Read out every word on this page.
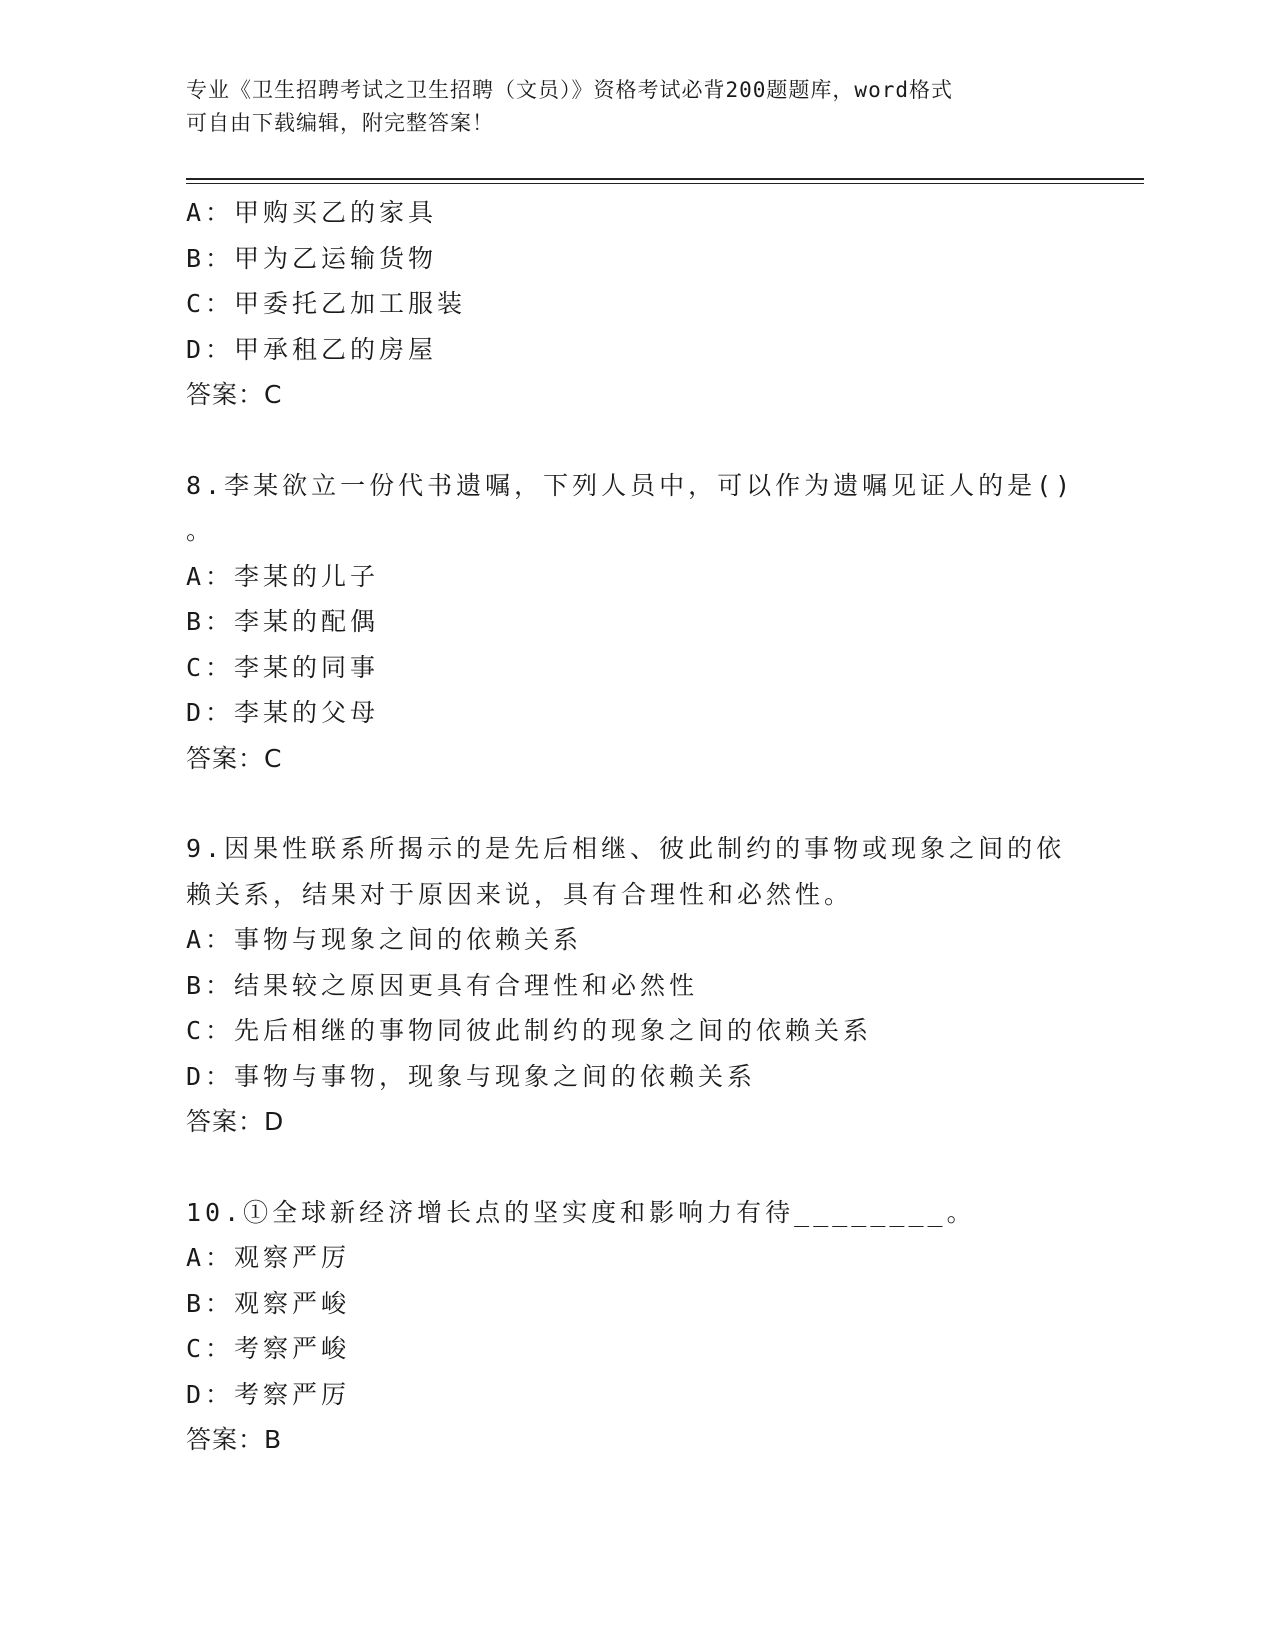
专业《卫生招聘考试之卫生招聘（文员）》资格考试必背200题题库，word格式
可自由下载编辑，附完整答案！
A：甲购买乙的家具
B：甲为乙运输货物
C：甲委托乙加工服装
D：甲承租乙的房屋
答案：C
8.李某欲立一份代书遗嘱，下列人员中，可以作为遗嘱见证人的是()
。
A：李某的儿子
B：李某的配偶
C：李某的同事
D：李某的父母
答案：C
9.因果性联系所揭示的是先后相继、彼此制约的事物或现象之间的依
赖关系，结果对于原因来说，具有合理性和必然性。
A：事物与现象之间的依赖关系
B：结果较之原因更具有合理性和必然性
C：先后相继的事物同彼此制约的现象之间的依赖关系
D：事物与事物，现象与现象之间的依赖关系
答案：D
10.①全球新经济增长点的坚实度和影响力有待________。
A：观察严厉
B：观察严峻
C：考察严峻
D：考察严厉
答案：B
